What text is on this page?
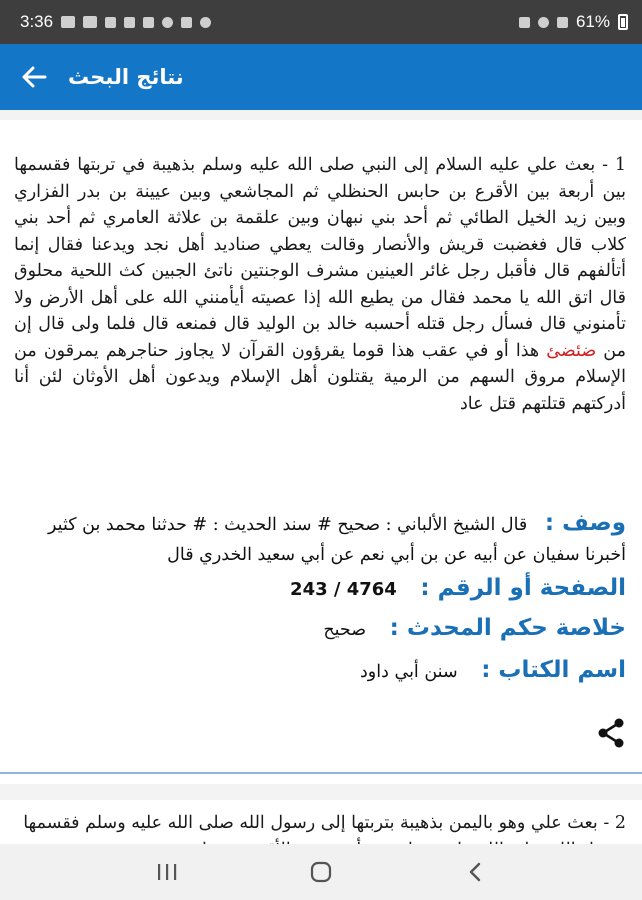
3:36	61%
نتائج البحث
1 - بعث علي عليه السلام إلى النبي صلى الله عليه وسلم بذهيبة في تربتها فقسمها بين أربعة بين الأقرع بن حابس الحنظلي ثم المجاشعي وبين عيينة بن بدر الفزاري وبين زيد الخيل الطائي ثم أحد بني نبهان وبين علقمة بن علاثة العامري ثم أحد بني كلاب قال فغضبت قريش والأنصار وقالت يعطي صناديد أهل نجد ويدعنا فقال إنما أتألفهم قال فأقبل رجل غائر العينين مشرف الوجنتين ناتئ الجبين كث اللحية محلوق قال اتق الله يا محمد فقال من يطيع الله إذا عصيته أيأمنني الله على أهل الأرض ولا تأمنوني قال فسأل رجل قتله أحسبه خالد بن الوليد قال فمنعه قال فلما ولى قال إن من ضئضئ هذا أو في عقب هذا قوما يقرؤون القرآن لا يجاوز حناجرهم يمرقون من الإسلام مروق السهم من الرمية يقتلون أهل الإسلام ويدعون أهل الأوثان لئن أنا أدركتهم قتلتهم قتل عاد
وصف : قال الشيخ الألباني : صحيح # سند الحديث : # حدثنا محمد بن كثير أخبرنا سفيان عن أبيه عن بن أبي نعم عن أبي سعيد الخدري قال
الصفحة أو الرقم : 243 / 4764
خلاصة حكم المحدث : صحيح
اسم الكتاب : سنن أبي داود
2 - بعث علي وهو باليمن بذهيبة بتربتها إلى رسول الله صلى الله عليه وسلم فقسمها
